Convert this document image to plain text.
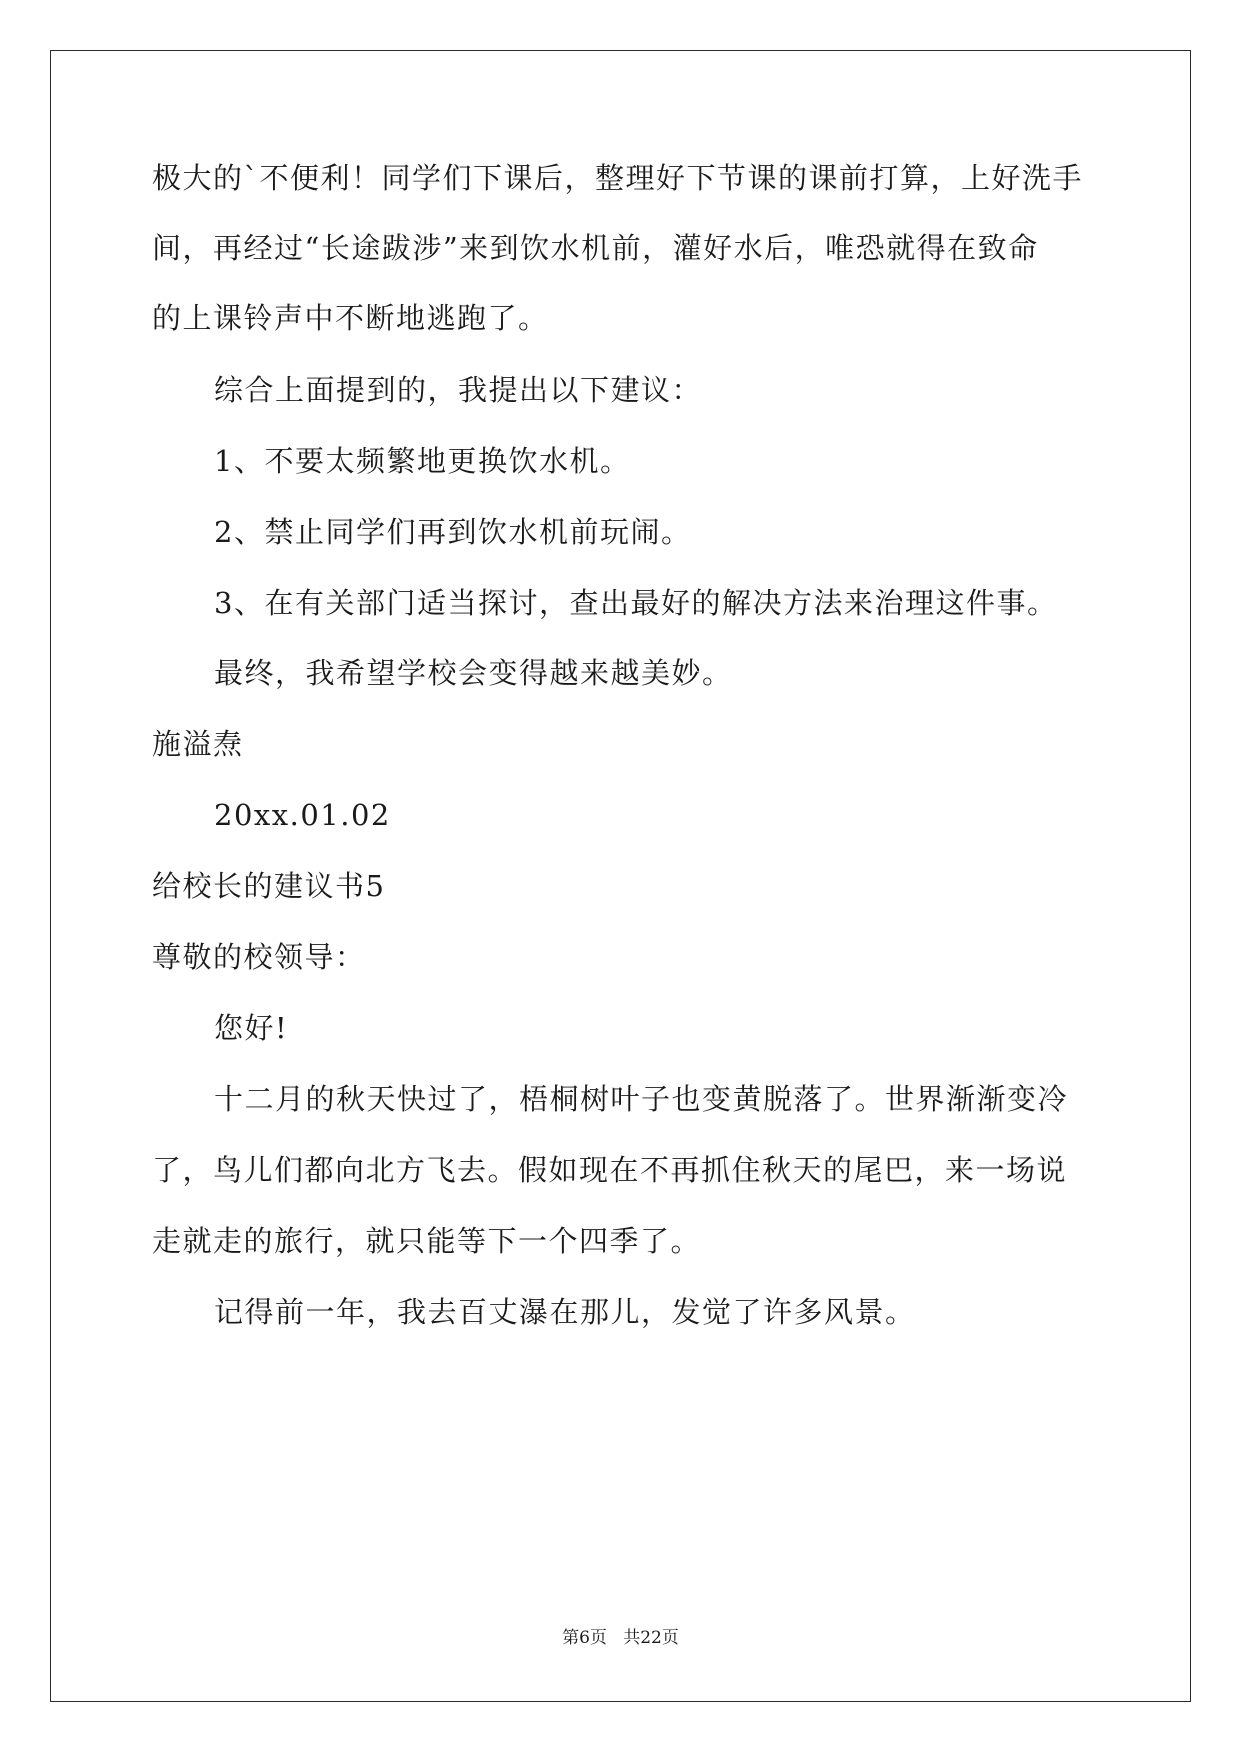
极大的`不便利！同学们下课后，整理好下节课的课前打算，上好洗手
间，再经过“长途跋涉”来到饮水机前，灌好水后，唯恐就得在致命
的上课铃声中不断地逃跑了。
综合上面提到的，我提出以下建议：
1、不要太频繁地更换饮水机。
2、禁止同学们再到饮水机前玩闹。
3、在有关部门适当探讨，查出最好的解决方法来治理这件事。
最终，我希望学校会变得越来越美妙。
施溢焘
20xx.01.02
给校长的建议书5
尊敬的校领导：
您好!
十二月的秋天快过了，梧桐树叶子也变黄脱落了。世界渐渐变冷
了，鸟儿们都向北方飞去。假如现在不再抓住秋天的尾巴，来一场说
走就走的旅行，就只能等下一个四季了。
记得前一年，我去百丈瀑在那儿，发觉了许多风景。
第6页 共22页
